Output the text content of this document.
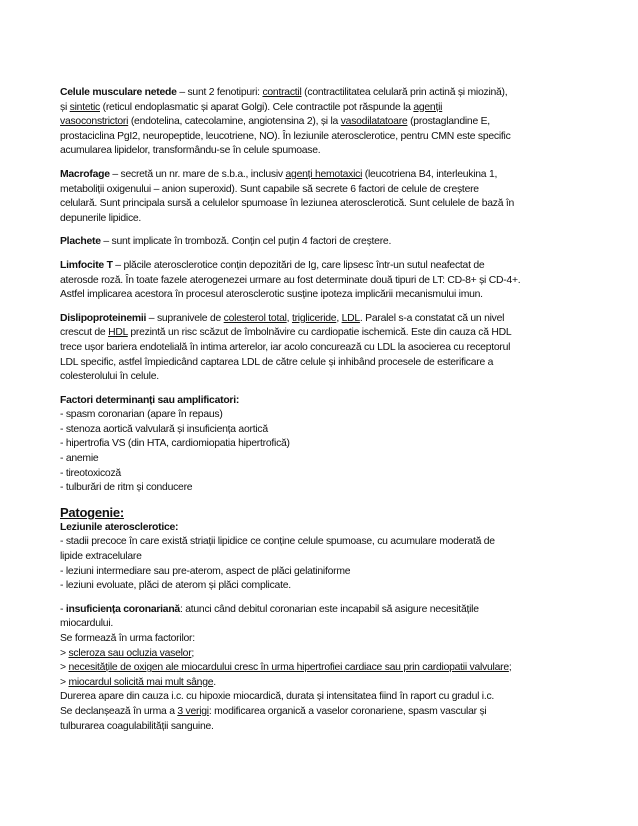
Celule musculare netede – sunt 2 fenotipuri: contractil (contractilitatea celulară prin actină și miozină),
și sintetic (reticul endoplasmatic și aparat Golgi). Cele contractile pot răspunde la agenții
vasoconstrictori (endotelina, catecolamine, angiotensina 2), și la vasodilatatoare (prostaglandine E,
prostaciclina PgI2, neuropeptide, leucotriene, NO). În leziunile aterosclerotice, pentru CMN este specific
acumularea lipidelor, transformându-se în celule spumoase.
Macrofage – secretă un nr. mare de s.b.a., inclusiv agenți hemotaxici (leucotriena B4, interleukina 1,
metaboliții oxigenului – anion superoxid). Sunt capabile să secrete 6 factori de celule de creștere
celulară. Sunt principala sursă a celulelor spumoase în leziunea aterosclerotică. Sunt celulele de bază în
depunerile lipidice.
Plachete – sunt implicate în tromboză. Conțin cel puțin 4 factori de creștere.
Limfocite T – plăcile aterosclerotice conțin depozitări de Ig, care lipsesc într-un sutul neafectat de
aterosde roză. În toate fazele aterogenezei urmare au fost determinate două tipuri de LT: CD-8+ și CD-4+.
Astfel implicarea acestora în procesul aterosclerotic susține ipoteza implicării mecanismului imun.
Dislipoproteinemii – supranivele de colesterol total, trigliceride, LDL. Paralel s-a constatat că un nivel
crescut de HDL prezintă un risc scăzut de îmbolnăvire cu cardiopatie ischemică. Este din cauza că HDL
trece ușor bariera endotelială în intima arterelor, iar acolo concurează cu LDL la asocierea cu receptorul
LDL specific, astfel împiedicând captarea LDL de către celule și inhibând procesele de esterificare a
colesterolului în celule.
Factori determinanți sau amplificatori:
- spasm coronarian (apare în repaus)
- stenoza aortică valvulară și insuficiența aortică
- hipertrofia VS (din HTA, cardiomiopatia hipertrofică)
- anemie
- tireotoxicoză
- tulburări de ritm și conducere
Patogenie:
Leziunile aterosclerotice:
- stadii precoce în care există striații lipidice ce conține celule spumoase, cu acumulare moderată de
lipide extracelulare
- leziuni intermediare sau pre-aterom, aspect de plăci gelatiniforme
- leziuni evoluate, plăci de aterom și plăci complicate.
- insuficiența coronariană: atunci când debitul coronarian este incapabil să asigure necesitățile
miocardului.
Se formează în urma factorilor:
> scleroza sau ocluzia vaselor;
> necesitățile de oxigen ale miocardului cresc în urma hipertrofiei cardiace sau prin cardiopatii valvulare;
> miocardul solicită mai mult sânge.
Durerea apare din cauza i.c. cu hipoxie miocardică, durata și intensitatea fiind în raport cu gradul i.c.
Se declanșează în urma a 3 verigi: modificarea organică a vaselor coronariene, spasm vascular și
tulburarea coagulabilității sanguine.
